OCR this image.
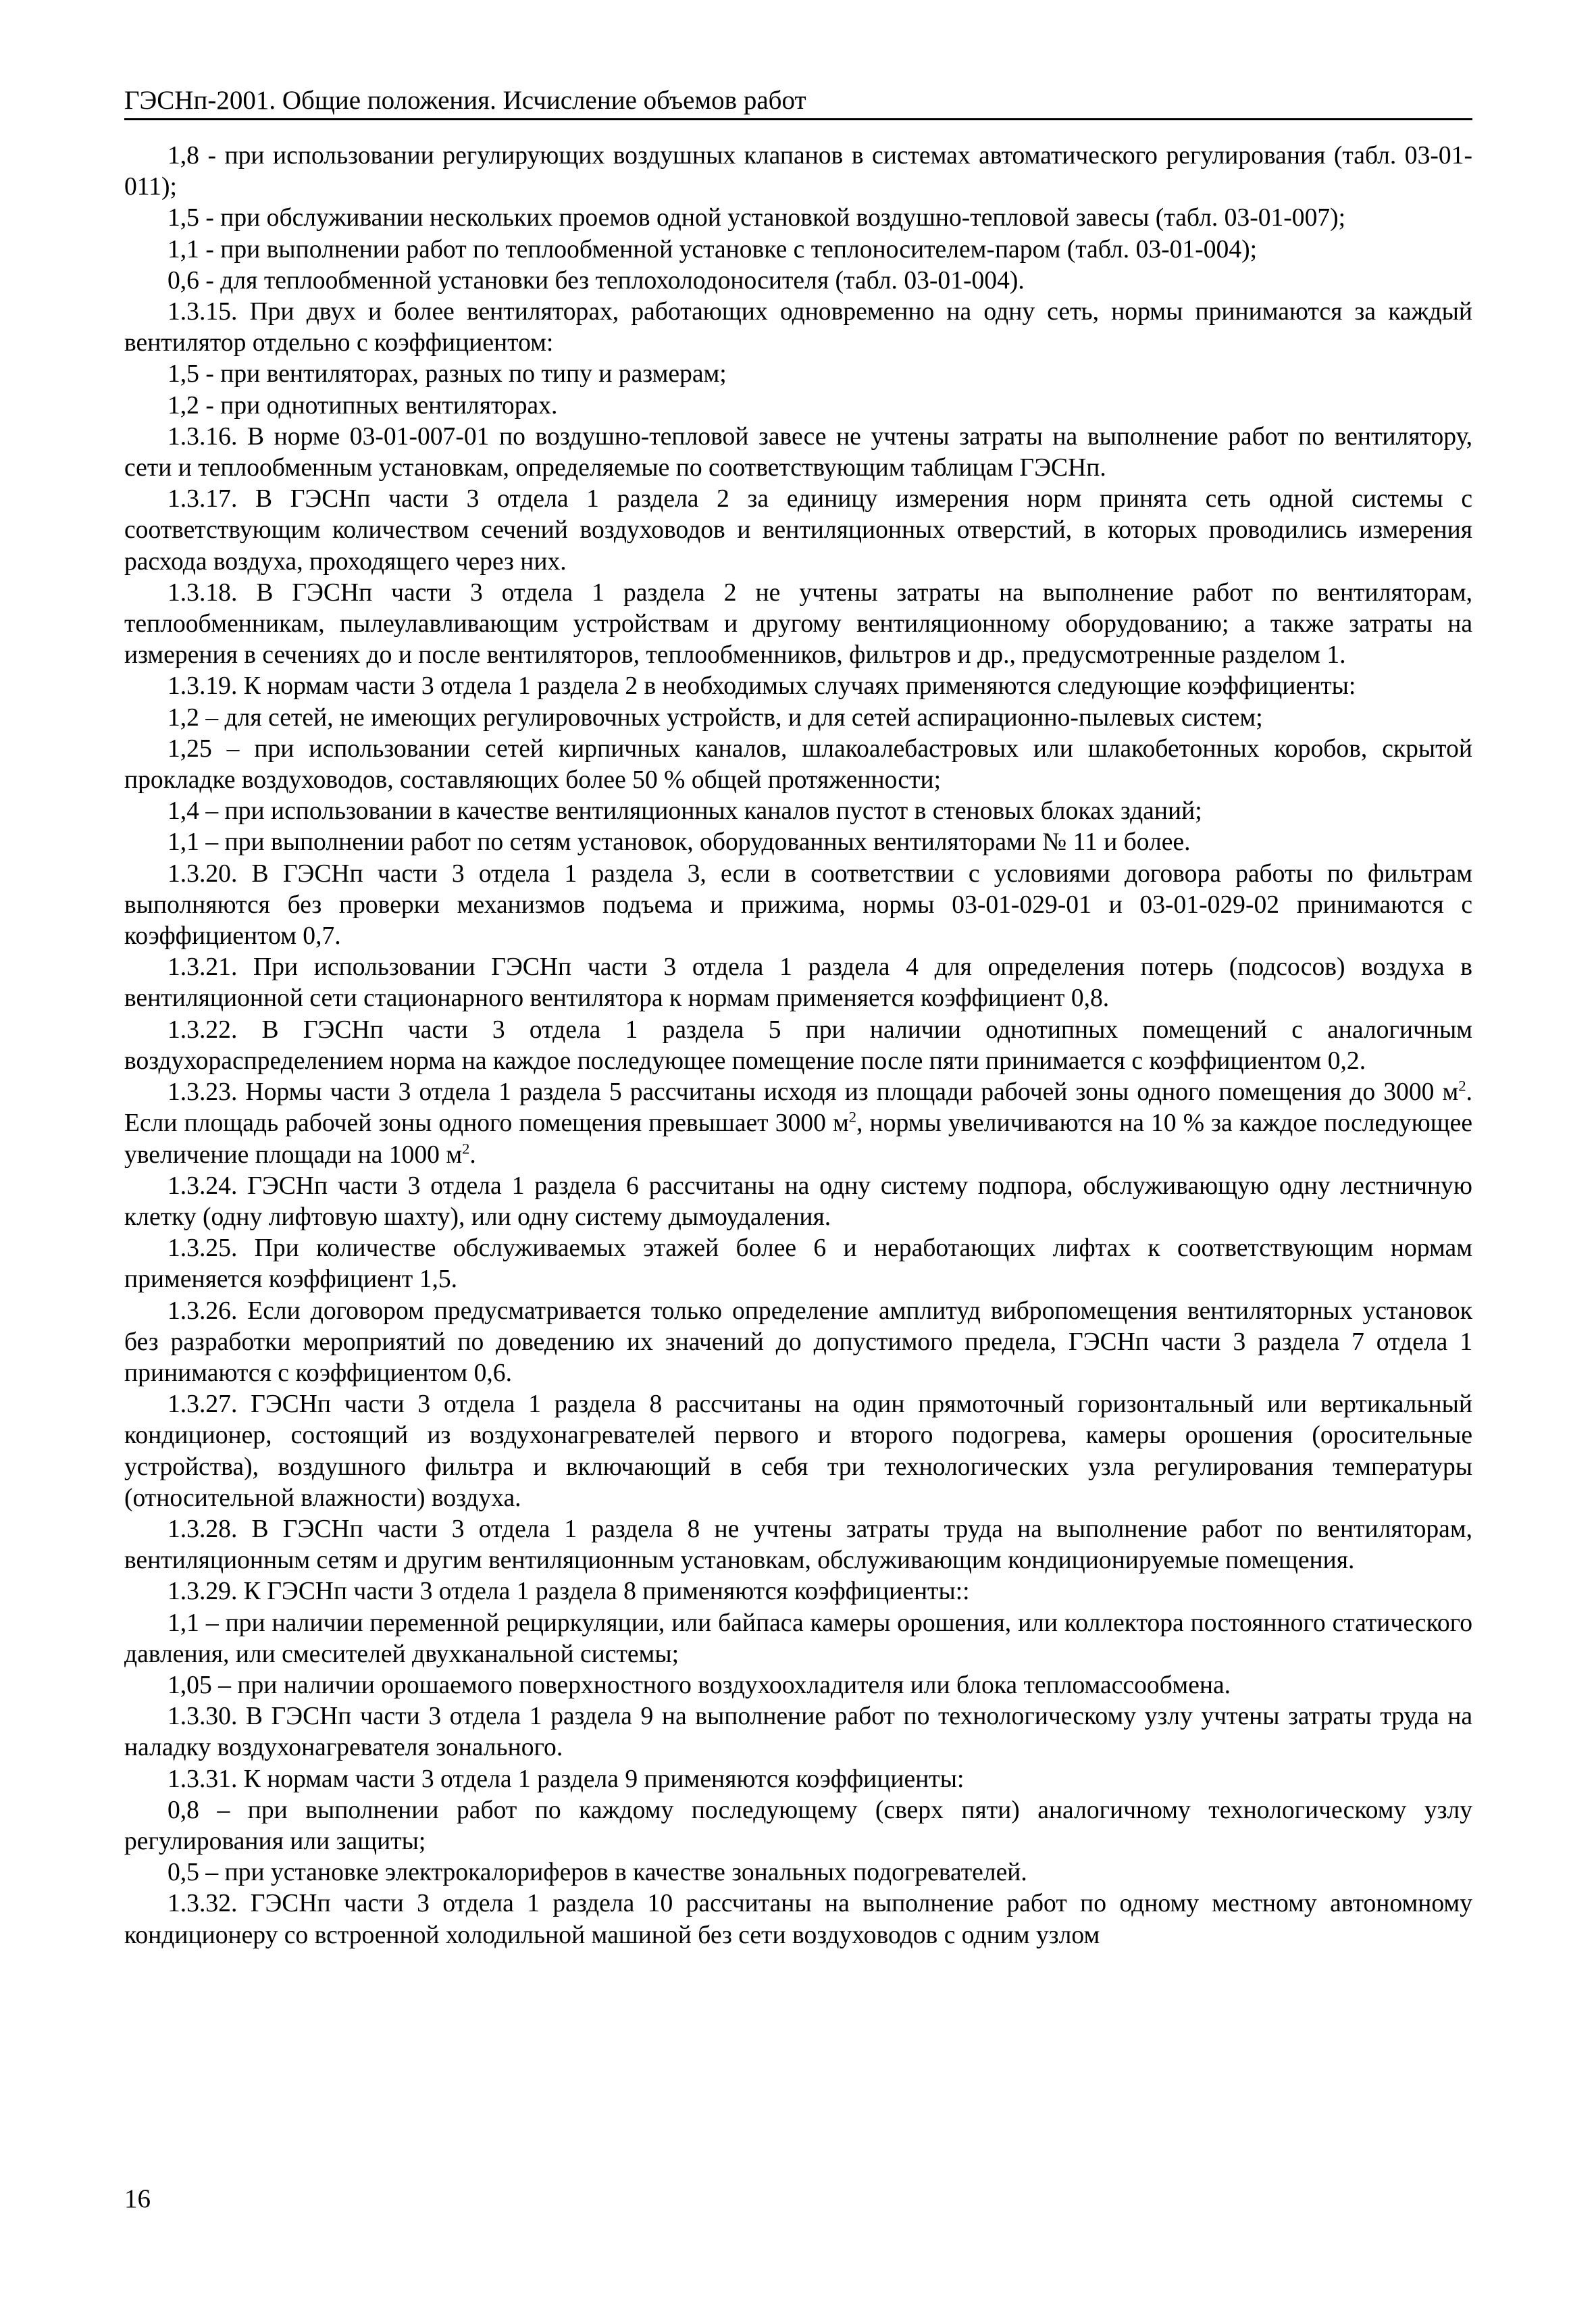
ГЭСНп-2001. Общие положения. Исчисление объемов работ

1,8 - при использовании регулирующих воздушных клапанов в системах автоматического регулирования (табл. 03-01-011);

1,5 - при обслуживании нескольких проемов одной установкой воздушно-тепловой завесы (табл. 03-01-007);

1,1 - при выполнении работ по теплообменной установке с теплоносителем-паром (табл. 03-01-004);

0,6 - для теплообменной установки без теплохолодоносителя (табл. 03-01-004).

1.3.15. При двух и более вентиляторах, работающих одновременно на одну сеть, нормы принимаются за каждый вентилятор отдельно с коэффициентом:

1,5 - при вентиляторах, разных по типу и размерам;

1,2 - при однотипных вентиляторах.

1.3.16. В норме 03-01-007-01 по воздушно-тепловой завесе не учтены затраты на выполнение работ по вентилятору, сети и теплообменным установкам, определяемые по соответствующим таблицам ГЭСНп.

1.3.17. В ГЭСНп части 3 отдела 1 раздела 2 за единицу измерения норм принята сеть одной системы с соответствующим количеством сечений воздуховодов и вентиляционных отверстий, в которых проводились измерения расхода воздуха, проходящего через них.

1.3.18. В ГЭСНп части 3 отдела 1 раздела 2 не учтены затраты на выполнение работ по вентиляторам, теплообменникам, пылеулавливающим устройствам и другому вентиляционному оборудованию; а также затраты на измерения в сечениях до и после вентиляторов, теплообменников, фильтров и др., предусмотренные разделом 1.

1.3.19. К нормам части 3 отдела 1 раздела 2 в необходимых случаях применяются следующие коэффициенты:

1,2 – для сетей, не имеющих регулировочных устройств, и для сетей аспирационно-пылевых систем;

1,25 – при использовании сетей кирпичных каналов, шлакоалебастровых или шлакобетонных коробов, скрытой прокладке воздуховодов, составляющих более 50 % общей протяженности;

1,4 – при использовании в качестве вентиляционных каналов пустот в стеновых блоках зданий;

1,1 – при выполнении работ по сетям установок, оборудованных вентиляторами № 11 и более.

1.3.20. В ГЭСНп части 3 отдела 1 раздела 3, если в соответствии с условиями договора работы по фильтрам выполняются без проверки механизмов подъема и прижима, нормы 03-01-029-01 и 03-01-029-02 принимаются с коэффициентом 0,7.

1.3.21. При использовании ГЭСНп части 3 отдела 1 раздела 4 для определения потерь (подсосов) воздуха в вентиляционной сети стационарного вентилятора к нормам применяется коэффициент 0,8.

1.3.22. В ГЭСНп части 3 отдела 1 раздела 5 при наличии однотипных помещений с аналогичным воздухораспределением норма на каждое последующее помещение после пяти принимается с коэффициентом 0,2.

1.3.23. Нормы части 3 отдела 1 раздела 5 рассчитаны исходя из площади рабочей зоны одного помещения до 3000 $м^2$. Если площадь рабочей зоны одного помещения превышает 3000 $м^2$, нормы увеличиваются на 10 % за каждое последующее увеличение площади на 1000 $м^2$.

1.3.24. ГЭСНп части 3 отдела 1 раздела 6 рассчитаны на одну систему подпора, обслуживающую одну лестничную клетку (одну лифтовую шахту), или одну систему дымоудаления.

1.3.25. При количестве обслуживаемых этажей более 6 и неработающих лифтах к соответствующим нормам применяется коэффициент 1,5.

1.3.26. Если договором предусматривается только определение амплитуд вибропомещения вентиляторных установок без разработки мероприятий по доведению их значений до допустимого предела, ГЭСНп части 3 раздела 7 отдела 1 принимаются с коэффициентом 0,6.

1.3.27. ГЭСНп части 3 отдела 1 раздела 8 рассчитаны на один прямоточный горизонтальный или вертикальный кондиционер, состоящий из воздухонагревателей первого и второго подогрева, камеры орошения (оросительные устройства), воздушного фильтра и включающий в себя три технологических узла регулирования температуры (относительной влажности) воздуха.

1.3.28. В ГЭСНп части 3 отдела 1 раздела 8 не учтены затраты труда на выполнение работ по вентиляторам, вентиляционным сетям и другим вентиляционным установкам, обслуживающим кондиционируемые помещения.

1.3.29. К ГЭСНп части 3 отдела 1 раздела 8 применяются коэффициенты::

1,1 – при наличии переменной рециркуляции, или байпаса камеры орошения, или коллектора постоянного статического давления, или смесителей двухканальной системы;

1,05 – при наличии орошаемого поверхностного воздухоохладителя или блока тепломассообмена.

1.3.30. В ГЭСНп части 3 отдела 1 раздела 9 на выполнение работ по технологическому узлу учтены затраты труда на наладку воздухонагревателя зонального.

1.3.31. К нормам части 3 отдела 1 раздела 9 применяются коэффициенты:

0,8 – при выполнении работ по каждому последующему (сверх пяти) аналогичному технологическому узлу регулирования или защиты;

0,5 – при установке электрокалориферов в качестве зональных подогревателей.

1.3.32. ГЭСНп части 3 отдела 1 раздела 10 рассчитаны на выполнение работ по одному местному автономному кондиционеру со встроенной холодильной машиной без сети воздуховодов с одним узлом

16
